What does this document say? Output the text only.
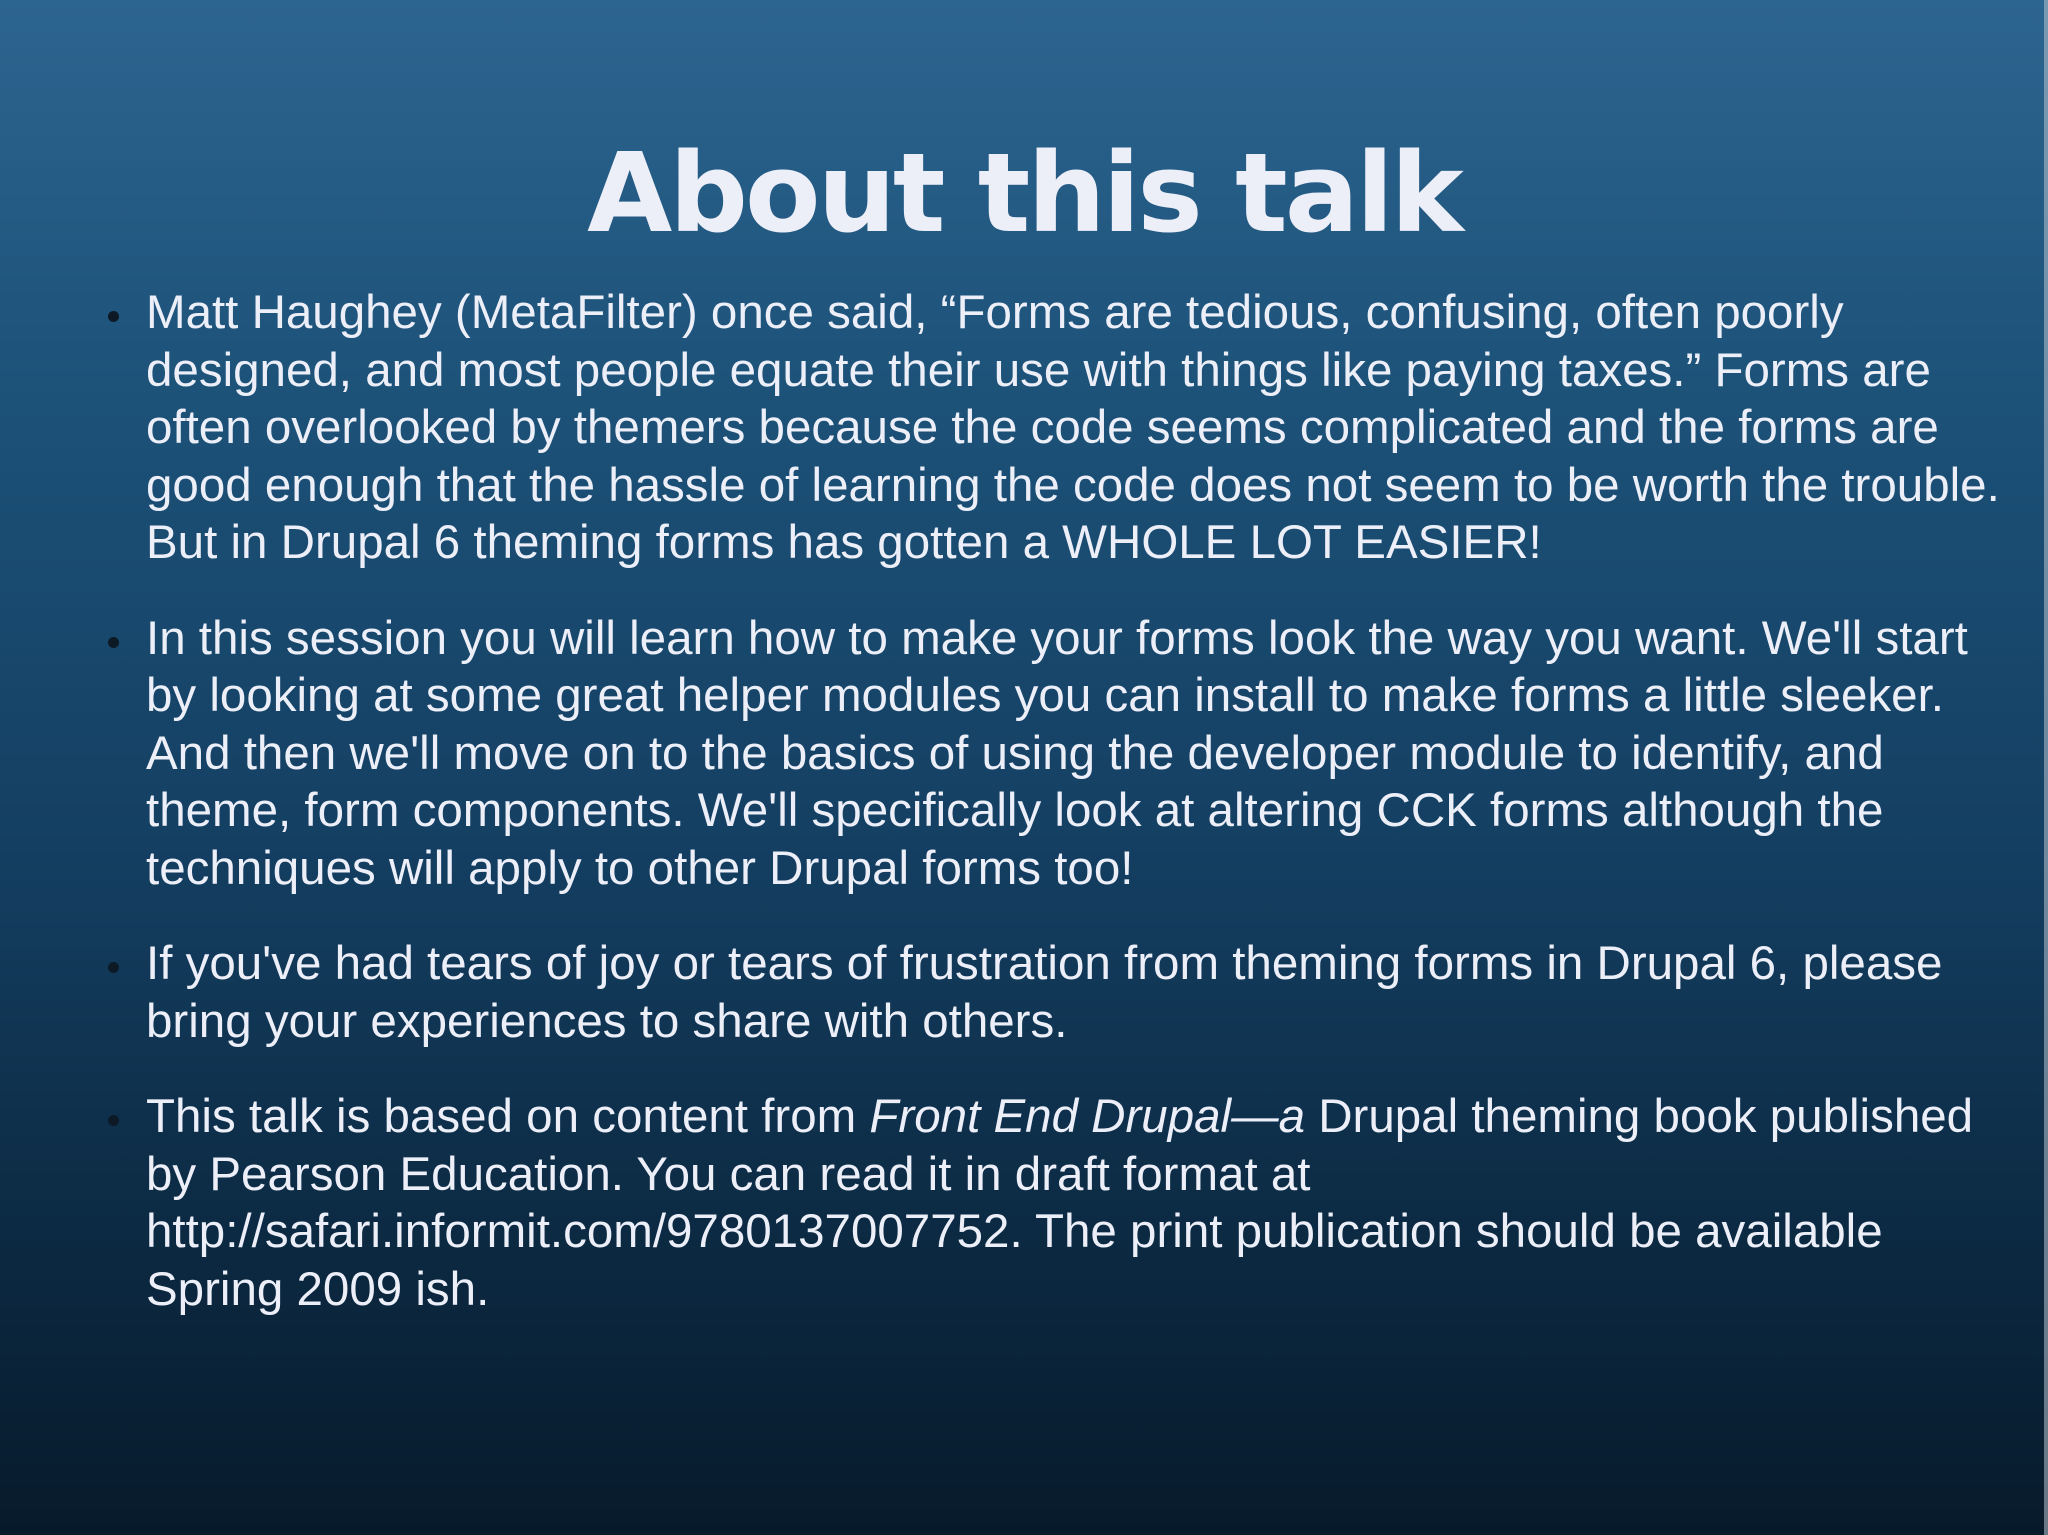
About this talk
Matt Haughey (MetaFilter) once said, “Forms are tedious, confusing, often poorly designed, and most people equate their use with things like paying taxes.” Forms are often overlooked by themers because the code seems complicated and the forms are good enough that the hassle of learning the code does not seem to be worth the trouble. But in Drupal 6 theming forms has gotten a WHOLE LOT EASIER!
In this session you will learn how to make your forms look the way you want. We'll start by looking at some great helper modules you can install to make forms a little sleeker. And then we'll move on to the basics of using the developer module to identify, and theme, form components. We'll specifically look at altering CCK forms although the techniques will apply to other Drupal forms too!
If you've had tears of joy or tears of frustration from theming forms in Drupal 6, please bring your experiences to share with others.
This talk is based on content from Front End Drupal—a Drupal theming book published by Pearson Education. You can read it in draft format at http://safari.informit.com/9780137007752. The print publication should be available Spring 2009 ish.
